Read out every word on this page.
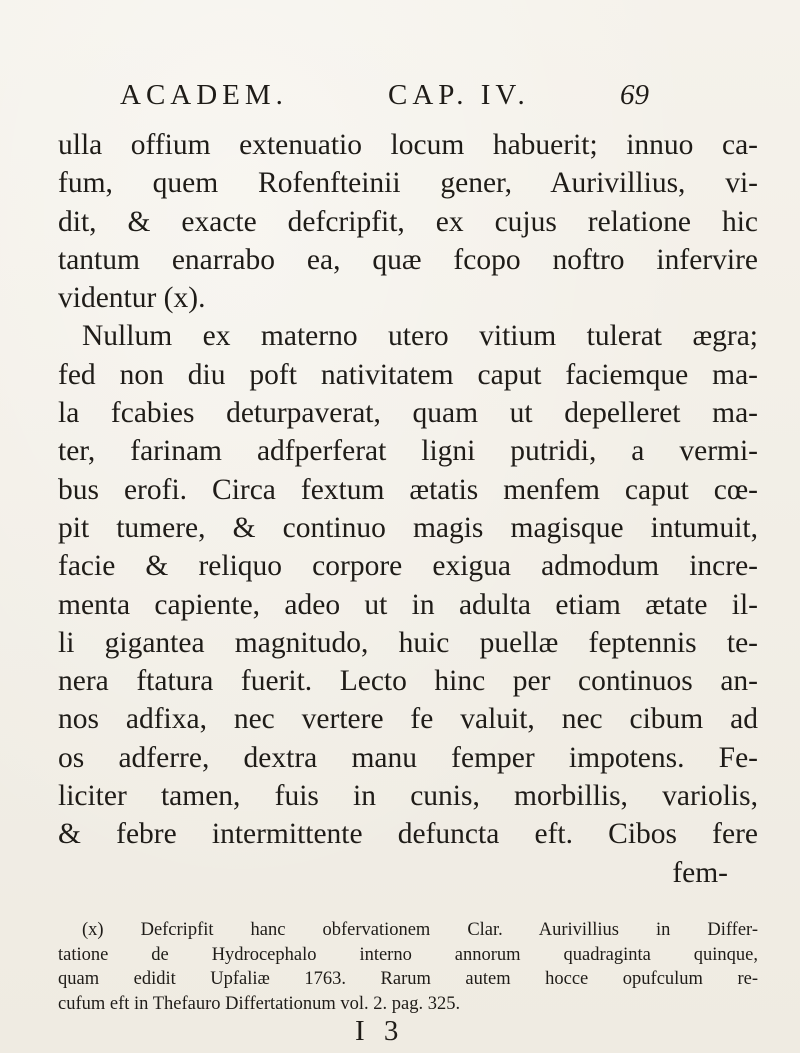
ACADEM.	CAP. IV.	69
ulla offium extenuatio locum habuerit; innuo ca-
fum, quem Rofenfteinii gener, Aurivillius, vi-
dit, & exacte defcripfit, ex cujus relatione hic
tantum enarrabo ea, quæ fcopo noftro infervire
videntur (x).
Nullum ex materno utero vitium tulerat ægra;
fed non diu poft nativitatem caput faciemque ma-
la fcabies deturpaverat, quam ut depelleret ma-
ter, farinam adfperferat ligni putridi, a vermi-
bus erofi. Circa fextum ætatis menfem caput cœ-
pit tumere, & continuo magis magisque intumuit,
facie & reliquo corpore exigua admodum incre-
menta capiente, adeo ut in adulta etiam ætate il-
li gigantea magnitudo, huic puellæ feptennis te-
nera ftatura fuerit. Lecto hinc per continuos an-
nos adfixa, nec vertere fe valuit, nec cibum ad
os adferre, dextra manu femper impotens. Fe-
liciter tamen, fuis in cunis, morbillis, variolis,
& febre intermittente defuncta eft. Cibos fere
fem-
(x) Defcripfit hanc obfervationem Clar. Aurivillius in Differ-
tatione de Hydrocephalo interno annorum quadraginta quinque,
quam edidit Upfaliæ 1763. Rarum autem hocce opufculum re-
cufum eft in Thefauro Differtationum vol. 2. pag. 325.
I 3
